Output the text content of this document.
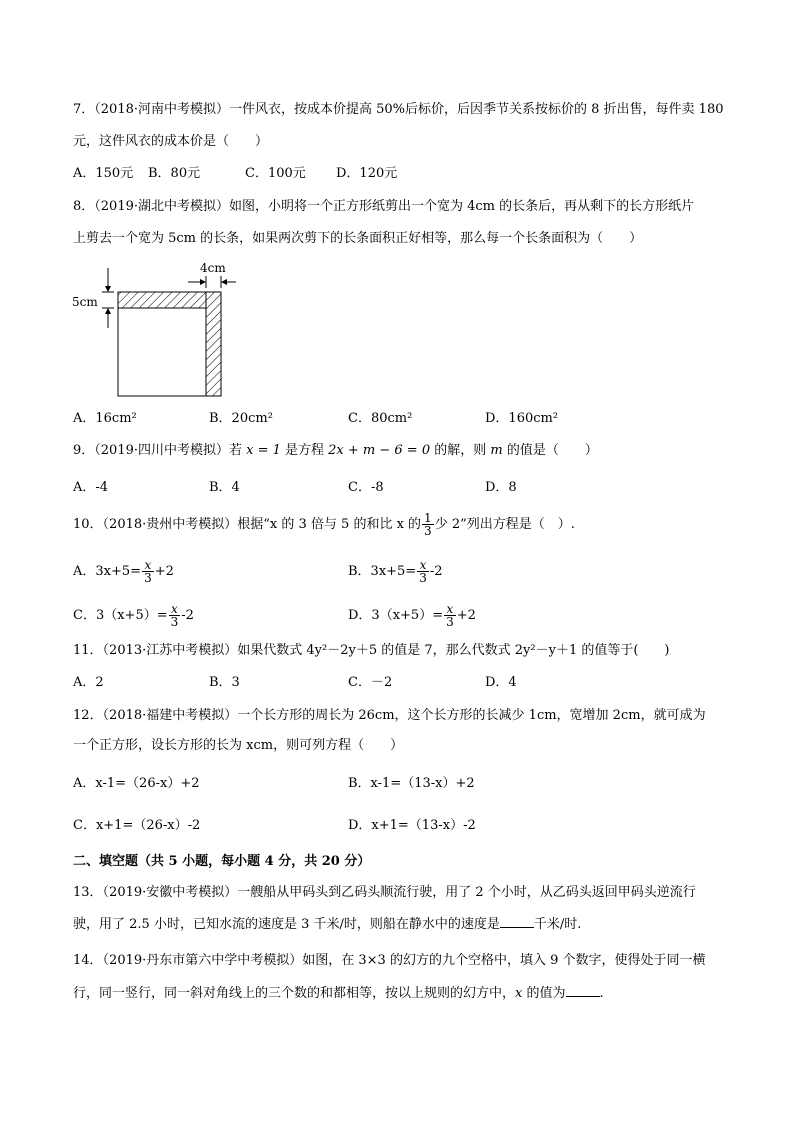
7．（2018·河南中考模拟）一件风衣，按成本价提高 50%后标价，后因季节关系按标价的 8 折出售，每件卖 180
元，这件风衣的成本价是（　　）
A．150元 B．80元	C．100元 D．120元
8．（2019·湖北中考模拟）如图，小明将一个正方形纸剪出一个宽为 4cm 的长条后，再从剩下的长方形纸片
上剪去一个宽为 5cm 的长条，如果两次剪下的长条面积正好相等，那么每一个长条面积为（　　）
4cm
5cm
A．16cm²	B．20cm²	C．80cm²	D．160cm²
9．（2019·四川中考模拟）若 x = 1 是方程 2x + m − 6 = 0 的解，则 m 的值是（　　）
A．-4	B．4	C．-8	D．8
10．（2018·贵州中考模拟）根据“x 的 3 倍与 5 的和比 x 的 $\frac{1}{3}$ 少 2”列出方程是（　）.
A．$3x+5= \frac{x}{3} +2$	B．$3x+5= \frac{x}{3} -2$
C．$3(x+5)= \frac{x}{3} -2$	D．$3(x+5)= \frac{x}{3} +2$
11．（2013·江苏中考模拟）如果代数式 4y²－2y＋5 的值是 7，那么代数式 2y²－y＋1 的值等于(　　)
A．2	B．3	C．－2	D．4
12．（2018·福建中考模拟）一个长方形的周长为 26cm，这个长方形的长减少 1cm，宽增加 2cm，就可成为
一个正方形，设长方形的长为 xcm，则可列方程（　　）
A．x-1=（26-x）+2	B．x-1=（13-x）+2
C．x+1=（26-x）-2	D．x+1=（13-x）-2
二、填空题（共 5 小题，每小题 4 分，共 20 分）
13．（2019·安徽中考模拟）一艘船从甲码头到乙码头顺流行驶，用了 2 个小时，从乙码头返回甲码头逆流行
驶，用了 2.5 小时，已知水流的速度是 3 千米/时，则船在静水中的速度是	千米/时.
14．（2019·丹东市第六中学中考模拟）如图，在 3×3 的幻方的九个空格中，填入 9 个数字，使得处于同一横
行，同一竖行，同一斜对角线上的三个数的和都相等，按以上规则的幻方中，x 的值为	.
